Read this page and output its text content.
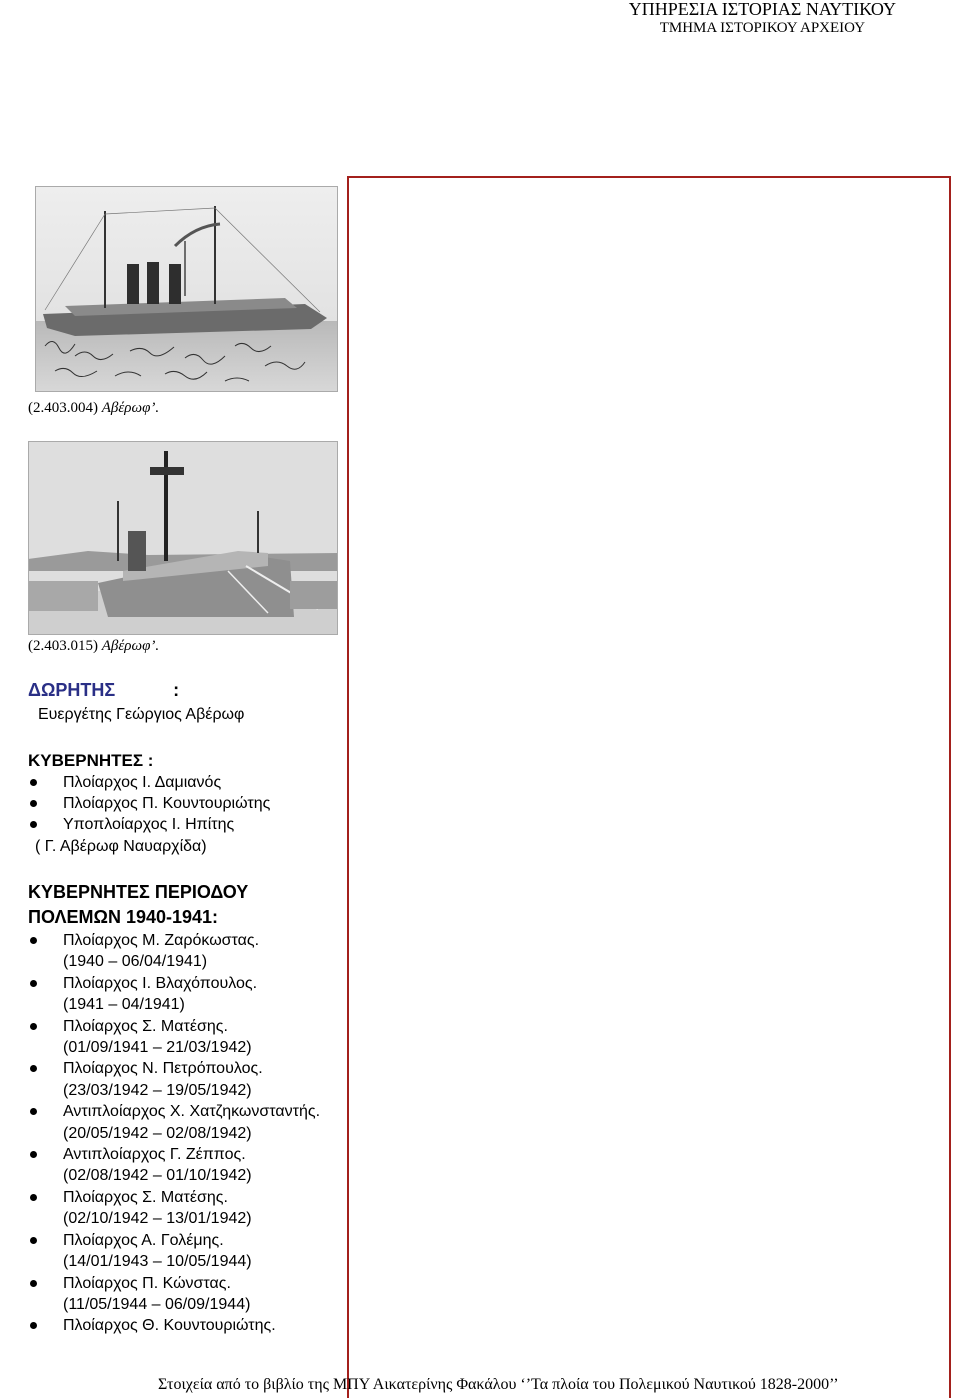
ΥΠΗΡΕΣΙΑ ΙΣΤΟΡΙΑΣ ΝΑΥΤΙΚΟΥ
ΤΜΗΜΑ ΙΣΤΟΡΙΚΟΥ ΑΡΧΕΙΟΥ
(2.403.004) Αβέρωφ’.
(2.403.015) Αβέρωφ’.
ΔΩΡΗΤΗΣ	:
Ευεργέτης Γεώργιος Αβέρωφ
ΚΥΒΕΡΝΗΤΕΣ :
Πλοίαρχος Ι. Δαμιανός
Πλοίαρχος Π. Κουντουριώτης
Υποπλοίαρχος Ι. Ηπίτης
( Γ. Αβέρωφ Ναυαρχίδα)
ΚΥΒΕΡΝΗΤΕΣ ΠΕΡΙΟΔΟΥ
ΠΟΛΕΜΩΝ 1940-1941:
Πλοίαρχος Μ. Ζαρόκωστας.
(1940 – 06/04/1941)
Πλοίαρχος Ι. Βλαχόπουλος.
(1941 – 04/1941)
Πλοίαρχος Σ. Ματέσης.
(01/09/1941 – 21/03/1942)
Πλοίαρχος Ν. Πετρόπουλος.
(23/03/1942 – 19/05/1942)
Αντιπλοίαρχος Χ. Χατζηκωνσταντής.
(20/05/1942 – 02/08/1942)
Αντιπλοίαρχος Γ. Ζέππος.
(02/08/1942 – 01/10/1942)
Πλοίαρχος Σ. Ματέσης.
(02/10/1942 – 13/01/1942)
Πλοίαρχος Α. Γολέμης.
(14/01/1943 – 10/05/1944)
Πλοίαρχος Π. Κώνστας.
(11/05/1944 – 06/09/1944)
Πλοίαρχος Θ. Κουντουριώτης.
Στοιχεία από το βιβλίο της ΜΠΥ Αικατερίνης Φακάλου ‘’Τα πλοία του Πολεμικού Ναυτικού 1828-2000’’
